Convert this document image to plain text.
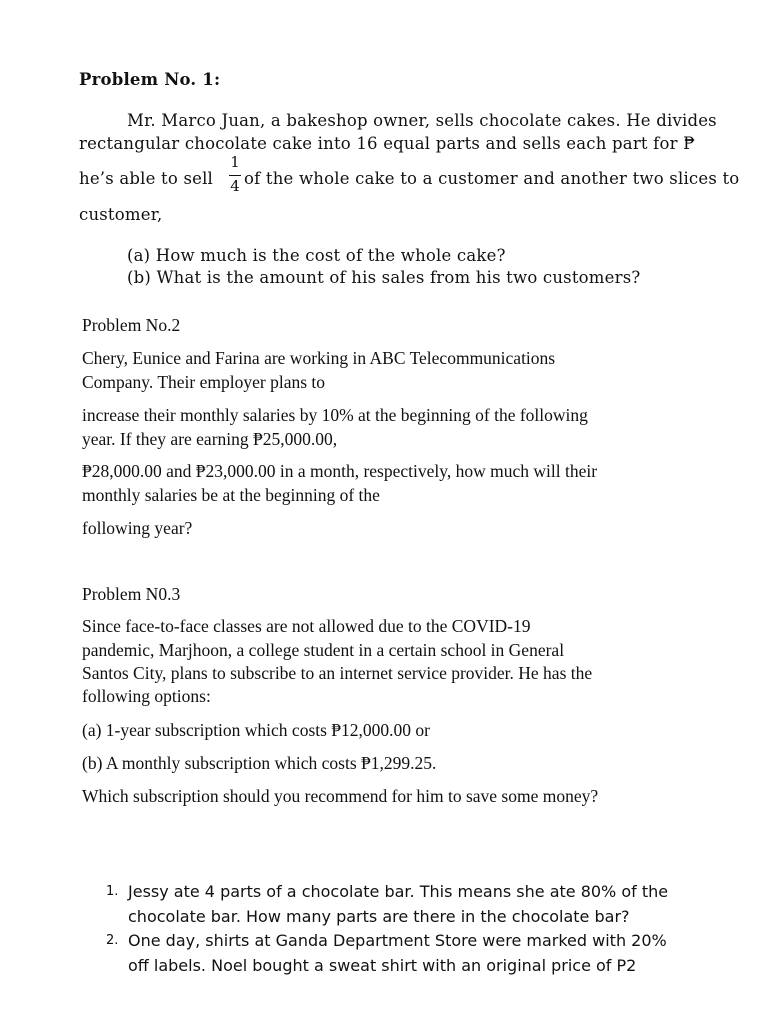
Problem No. 1:
Mr. Marco Juan, a bakeshop owner, sells chocolate cakes. He divides
rectangular chocolate cake into 16 equal parts and sells each part for ₱
he’s able to sell
1
4 of the whole cake to a customer and another two slices to
customer,
(a) How much is the cost of the whole cake?
(b) What is the amount of his sales from his two customers?
Problem No.2
Chery, Eunice and Farina are working in ABC Telecommunications
Company. Their employer plans to
increase their monthly salaries by 10% at the beginning of the following
year. If they are earning ₱25,000.00,
₱28,000.00 and ₱23,000.00 in a month, respectively, how much will their
monthly salaries be at the beginning of the
following year?
Problem N0.3
Since face-to-face classes are not allowed due to the COVID-19
pandemic, Marjhoon, a college student in a certain school in General
Santos City, plans to subscribe to an internet service provider. He has the
following options:
(a) 1-year subscription which costs ₱12,000.00 or
(b) A monthly subscription which costs ₱1,299.25.
Which subscription should you recommend for him to save some money?
1. Jessy ate 4 parts of a chocolate bar. This means she ate 80% of the
chocolate bar. How many parts are there in the chocolate bar?
2. One day, shirts at Ganda Department Store were marked with 20%
off labels. Noel bought a sweat shirt with an original price of P2
